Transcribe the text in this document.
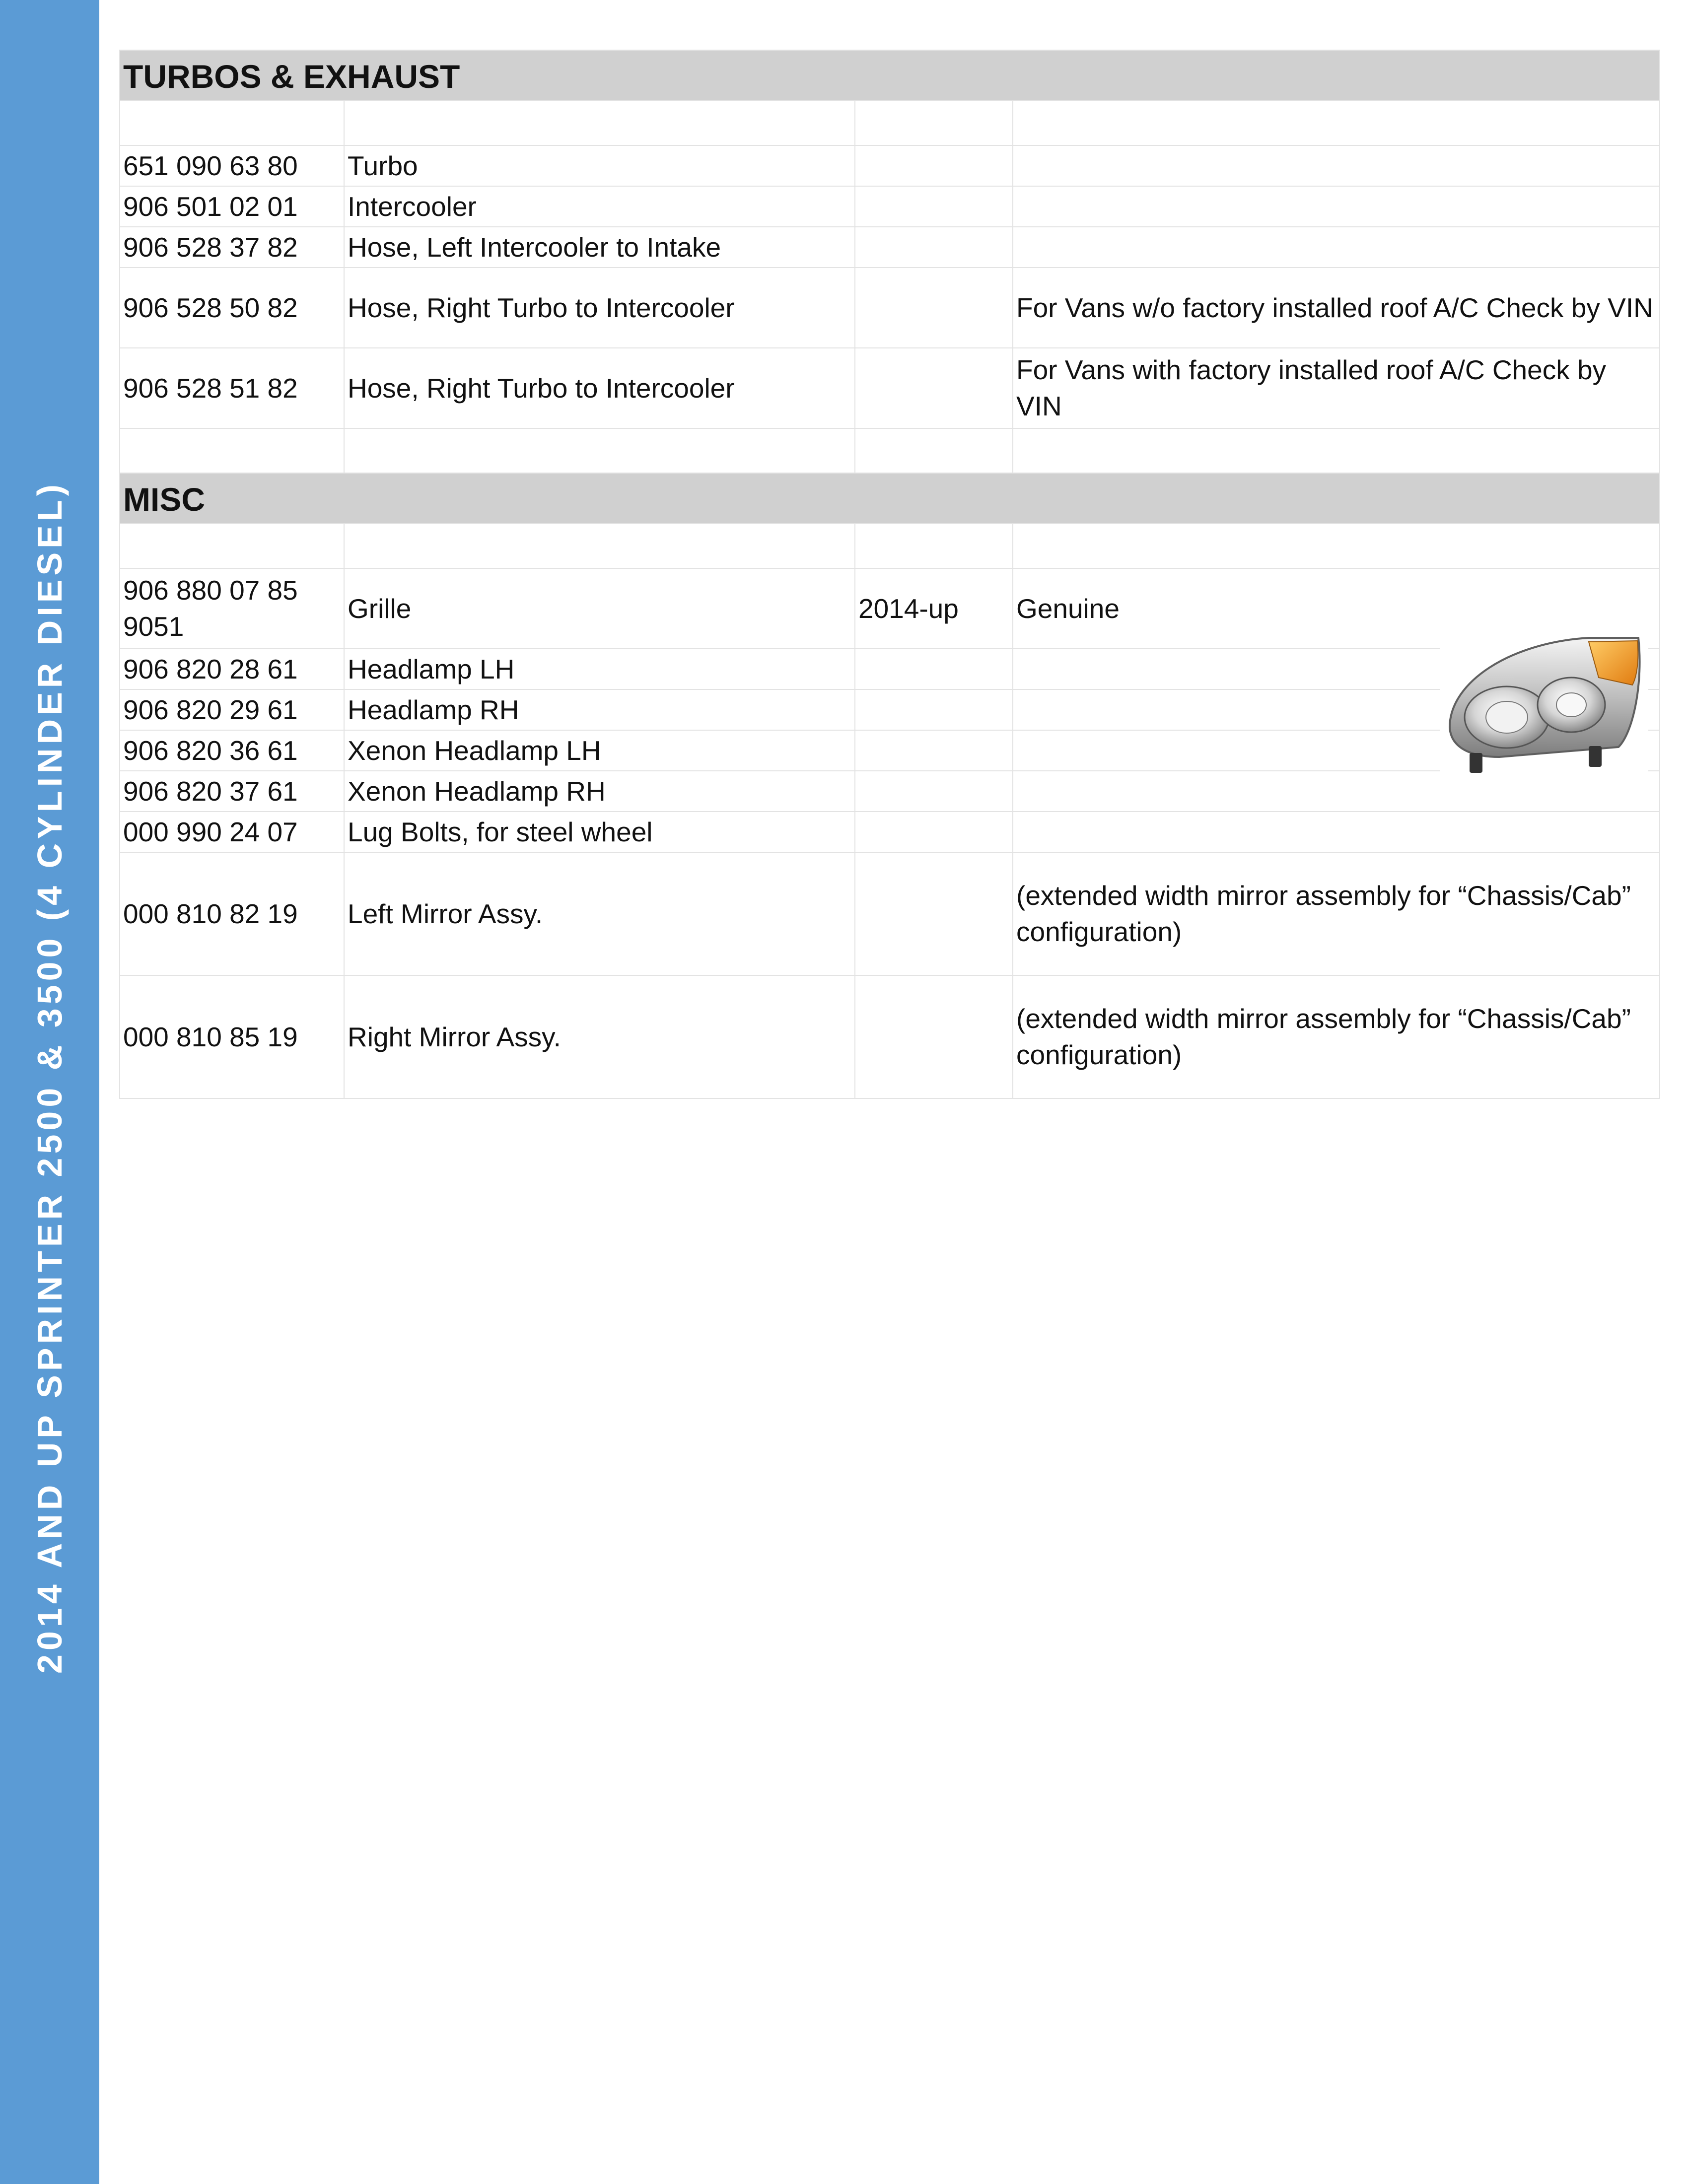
2014 AND UP SPRINTER 2500 & 3500 (4 CYLINDER DIESEL)
TURBOS & EXHAUST			

651 090 63 80	Turbo		
906 501 02 01	Intercooler		
906 528 37 82	Hose, Left Intercooler to Intake		
906 528 50 82	Hose, Right Turbo to Intercooler		For Vans w/o factory installed roof A/C Check by VIN
906 528 51 82	Hose, Right Turbo to Intercooler		For Vans with factory installed roof A/C Check by VIN

MISC			

906 880 07 85 9051	Grille	2014-up	Genuine
906 820 28 61	Headlamp LH		
906 820 29 61	Headlamp RH		
906 820 36 61	Xenon Headlamp LH		
906 820 37 61	Xenon Headlamp RH		
000 990 24 07	Lug Bolts, for steel wheel		
000 810 82 19	Left Mirror Assy.		(extended width mirror assembly for “Chassis/Cab” configuration)
000 810 85 19	Right Mirror Assy.		(extended width mirror assembly for “Chassis/Cab” configuration)
